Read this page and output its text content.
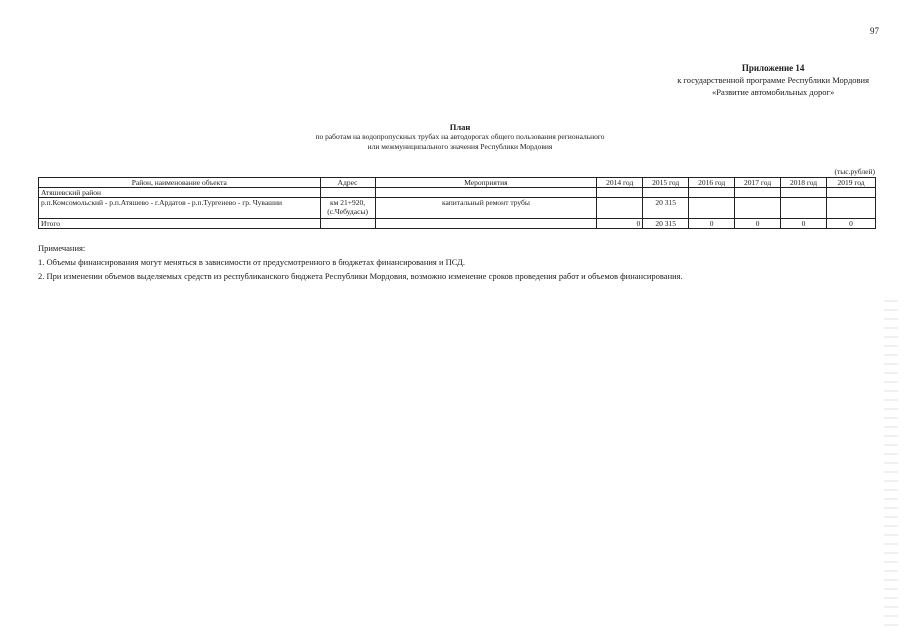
97
Приложение 14
к государственной программе Республики Мордовия
«Развитие автомобильных дорог»
План
по работам на водопропускных трубах на автодорогах общего пользования регионального
или межмуниципального значения Республики Мордовия
(тыс.рублей)
Район, наименование объекта	Адрес	Мероприятия	2014 год	2015 год	2016 год	2017 год	2018 год	2019 год
Атяшевский район								
р.п.Комсомольский - р.п.Атяшево - г.Ардатов - р.п.Тургенево - гр. Чувашии	км 21+920, (с.Чебудасы)	капитальный ремонт трубы		20 315				
Итого			0	20 315	0	0	0	0
Примечания:
1. Объемы финансирования могут меняться в зависимости от предусмотренного в бюджетах финансирования и ПСД.
2. При изменении объемов выделяемых средств из республиканского бюджета Республики Мордовия, возможно изменение сроков проведения работ и объемов финансирования.
